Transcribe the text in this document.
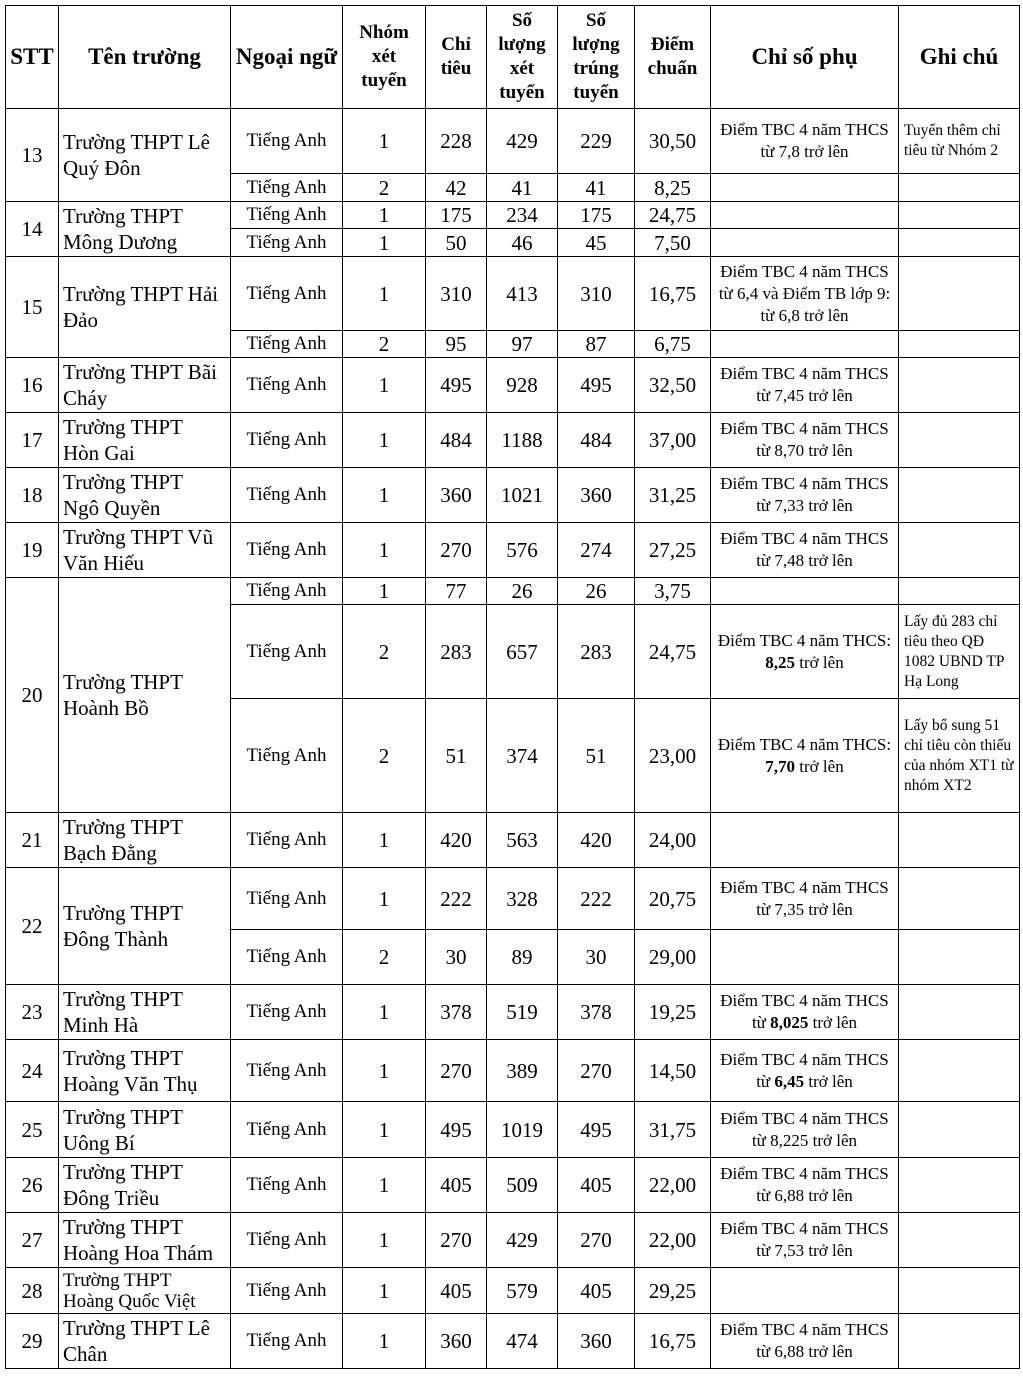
STT	Tên trường	Ngoại ngữ	Nhóm
xét
tuyển	Chỉ
tiêu	Số
lượng
xét
tuyển	Số
lượng
trúng
tuyển	Điểm
chuẩn	Chỉ số phụ	Ghi chú

13	Trường THPT Lê
Quý Đôn	Tiếng Anh	1	228	429	229	30,50	Điểm TBC 4 năm THCS
từ 7,8 trở lên	Tuyển thêm chỉ
tiêu từ Nhóm 2

		Tiếng Anh	2	42	41	41	8,25		
14	Trường THPT
Mông Dương	Tiếng Anh	1	175	234	175	24,75		
		Tiếng Anh	1	50	46	45	7,50		
15	Trường THPT Hải
Đảo	Tiếng Anh	1	310	413	310	16,75	Điểm TBC 4 năm THCS
từ 6,4 và Điểm TB lớp 9:
từ 6,8 trở lên	

		Tiếng Anh	2	95	97	87	6,75		
16	Trường THPT Bãi
Cháy	Tiếng Anh	1	495	928	495	32,50	Điểm TBC 4 năm THCS
từ 7,45 trở lên	

17	Trường THPT
Hòn Gai	Tiếng Anh	1	484	1188	484	37,00	Điểm TBC 4 năm THCS
từ 8,70 trở lên	

18	Trường THPT
Ngô Quyền	Tiếng Anh	1	360	1021	360	31,25	Điểm TBC 4 năm THCS
từ 7,33 trở lên	

19	Trường THPT Vũ
Văn Hiếu	Tiếng Anh	1	270	576	274	27,25	Điểm TBC 4 năm THCS
từ 7,48 trở lên	

20	Trường THPT
Hoành Bồ	Tiếng Anh	1	77	26	26	3,75		
		Tiếng Anh	2	283	657	283	24,75	Điểm TBC 4 năm THCS:
8,25 trở lên	Lấy đủ 283 chỉ
tiêu theo QĐ
1082 UBND TP
Hạ Long

		Tiếng Anh	2	51	374	51	23,00	Điểm TBC 4 năm THCS:
7,70 trở lên	Lấy bổ sung 51
chỉ tiêu còn thiếu
của nhóm XT1 từ
nhóm XT2

21	Trường THPT
Bạch Đằng	Tiếng Anh	1	420	563	420	24,00		
22	Trường THPT
Đông Thành	Tiếng Anh	1	222	328	222	20,75	Điểm TBC 4 năm THCS
từ 7,35 trở lên	

		Tiếng Anh	2	30	89	30	29,00		
23	Trường THPT
Minh Hà	Tiếng Anh	1	378	519	378	19,25	Điểm TBC 4 năm THCS
từ 8,025 trở lên	

24	Trường THPT
Hoàng Văn Thụ	Tiếng Anh	1	270	389	270	14,50	Điểm TBC 4 năm THCS
từ 6,45 trở lên	

25	Trường THPT
Uông Bí	Tiếng Anh	1	495	1019	495	31,75	Điểm TBC 4 năm THCS
từ 8,225 trở lên	

26	Trường THPT
Đông Triều	Tiếng Anh	1	405	509	405	22,00	Điểm TBC 4 năm THCS
từ 6,88 trở lên	

27	Trường THPT
Hoàng Hoa Thám	Tiếng Anh	1	270	429	270	22,00	Điểm TBC 4 năm THCS
từ 7,53 trở lên	

28	Trường THPT
Hoàng Quốc Việt	Tiếng Anh	1	405	579	405	29,25		
29	Trường THPT Lê
Chân	Tiếng Anh	1	360	474	360	16,75	Điểm TBC 4 năm THCS
từ 6,88 trở lên	
